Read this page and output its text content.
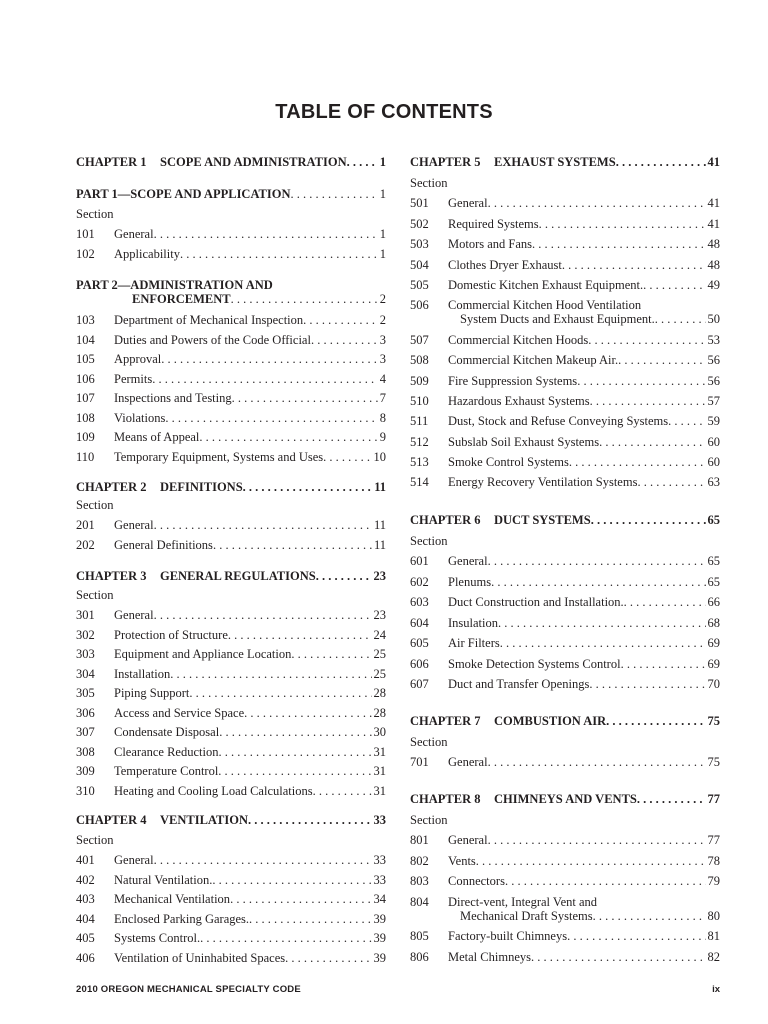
TABLE OF CONTENTS
CHAPTER 1	SCOPE AND ADMINISTRATION . . .	1
PART 1—SCOPE AND APPLICATION . . .	1
Section
101	General . . .	1
102	Applicability . . .	1
PART 2—ADMINISTRATION AND
ENFORCEMENT . . .	2
103	Department of Mechanical Inspection . . .	2
104	Duties and Powers of the Code Official . . .	3
105	Approval . . .	3
106	Permits . . .	4
107	Inspections and Testing . . .	7
108	Violations . . .	8
109	Means of Appeal . . .	9
110	Temporary Equipment, Systems and Uses . . .	10
CHAPTER 2	DEFINITIONS . . .	11
Section
201	General . . .	11
202	General Definitions . . .	11
CHAPTER 3	GENERAL REGULATIONS . . .	23
Section
301	General . . .	23
302	Protection of Structure . . .	24
303	Equipment and Appliance Location . . .	25
304	Installation . . .	25
305	Piping Support . . .	28
306	Access and Service Space . . .	28
307	Condensate Disposal . . .	30
308	Clearance Reduction . . .	31
309	Temperature Control . . .	31
310	Heating and Cooling Load Calculations . . .	31
CHAPTER 4	VENTILATION . . .	33
Section
401	General . . .	33
402	Natural Ventilation. . . .	33
403	Mechanical Ventilation . . .	34
404	Enclosed Parking Garages. . . .	39
405	Systems Control. . . .	39
406	Ventilation of Uninhabited Spaces . . .	39
CHAPTER 5	EXHAUST SYSTEMS . . .	41
Section
501	General . . .	41
502	Required Systems . . .	41
503	Motors and Fans . . .	48
504	Clothes Dryer Exhaust . . .	48
505	Domestic Kitchen Exhaust Equipment. . . .	49
506	Commercial Kitchen Hood Ventilation
System Ducts and Exhaust Equipment. . . .	50
507	Commercial Kitchen Hoods . . .	53
508	Commercial Kitchen Makeup Air. . . .	56
509	Fire Suppression Systems . . .	56
510	Hazardous Exhaust Systems . . .	57
511	Dust, Stock and Refuse Conveying Systems . . .	59
512	Subslab Soil Exhaust Systems . . .	60
513	Smoke Control Systems . . .	60
514	Energy Recovery Ventilation Systems . . .	63
CHAPTER 6	DUCT SYSTEMS . . .	65
Section
601	General . . .	65
602	Plenums . . .	65
603	Duct Construction and Installation. . . .	66
604	Insulation . . .	68
605	Air Filters . . .	69
606	Smoke Detection Systems Control . . .	69
607	Duct and Transfer Openings . . .	70
CHAPTER 7	COMBUSTION AIR . . .	75
Section
701	General . . .	75
CHAPTER 8	CHIMNEYS AND VENTS . . .	77
Section
801	General . . .	77
802	Vents . . .	78
803	Connectors . . .	79
804	Direct-vent, Integral Vent and
Mechanical Draft Systems . . .	80
805	Factory-built Chimneys . . .	81
806	Metal Chimneys . . .	82
2010 OREGON MECHANICAL SPECIALTY CODE	ix
